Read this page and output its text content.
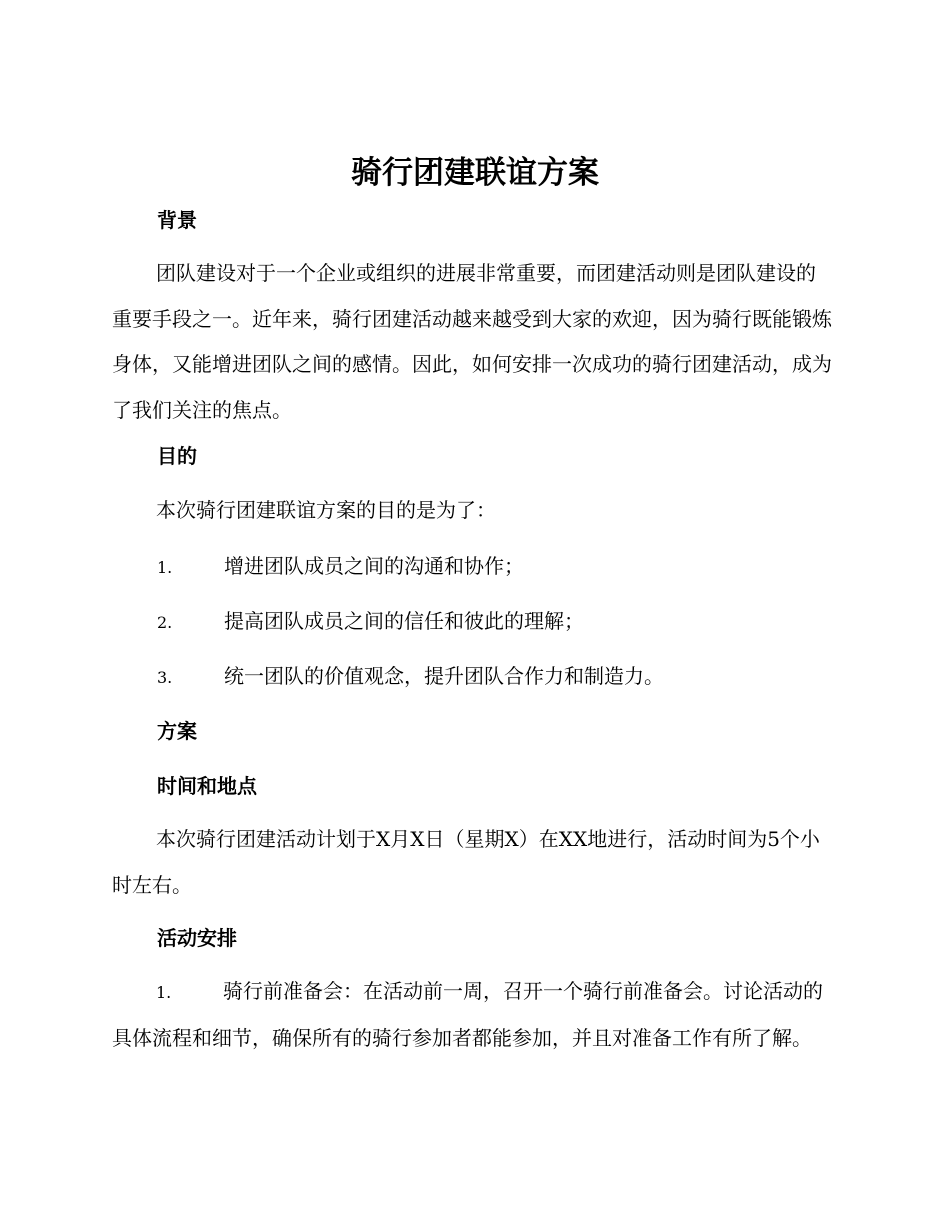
骑行团建联谊方案
背景

团队建设对于一个企业或组织的进展非常重要，而团建活动则是团队建设的重要手段之一。近年来，骑行团建活动越来越受到大家的欢迎，因为骑行既能锻炼身体，又能增进团队之间的感情。因此，如何安排一次成功的骑行团建活动，成为了我们关注的焦点。

目的

本次骑行团建联谊方案的目的是为了：

1.	增进团队成员之间的沟通和协作；
2.	提高团队成员之间的信任和彼此的理解；
3.	统一团队的价值观念，提升团队合作力和制造力。
方案
时间和地点

本次骑行团建活动计划于X月X日（星期X）在XX地进行，活动时间为5个小时左右。

活动安排

1.	骑行前准备会：在活动前一周，召开一个骑行前准备会。讨论活动的具体流程和细节，确保所有的骑行参加者都能参加，并且对准备工作有所了解。
